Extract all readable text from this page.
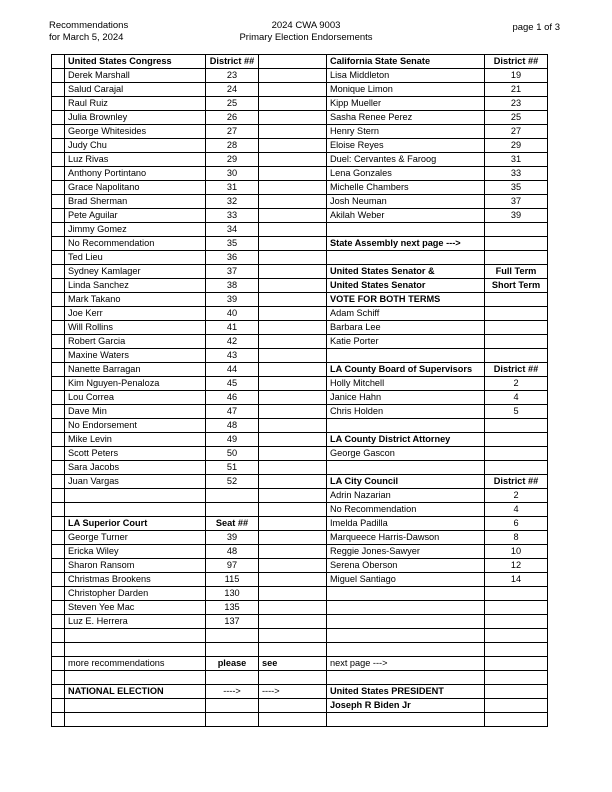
Recommendations
for March 5, 2024
2024 CWA 9003
Primary Election Endorsements
page 1 of 3
	United States Congress	District ##		California State Senate	District ##
	Derek Marshall	23		Lisa Middleton	19
	Salud Carajal	24		Monique Limon	21
	Raul Ruiz	25		Kipp Mueller	23
	Julia Brownley	26		Sasha Renee Perez	25
	George Whitesides	27		Henry Stern	27
	Judy Chu	28		Eloise Reyes	29
	Luz Rivas	29		Duel: Cervantes & Faroog	31
	Anthony Portintano	30		Lena Gonzales	33
	Grace Napolitano	31		Michelle Chambers	35
	Brad Sherman	32		Josh Neuman	37
	Pete Aguilar	33		Akilah Weber	39
	Jimmy Gomez	34			
	No Recommendation	35		State Assembly next page --->	
	Ted Lieu	36			
	Sydney Kamlager	37		United States Senator &	Full Term
	Linda Sanchez	38		United States Senator	Short Term
	Mark Takano	39		VOTE FOR BOTH TERMS	
	Joe Kerr	40		Adam Schiff	
	Will Rollins	41		Barbara Lee	
	Robert Garcia	42		Katie Porter	
	Maxine Waters	43			
	Nanette Barragan	44		LA County Board of Supervisors	District ##
	Kim Nguyen-Penaloza	45		Holly Mitchell	2
	Lou Correa	46		Janice Hahn	4
	Dave Min	47		Chris Holden	5
	No Endorsement	48			
	Mike Levin	49		LA County District Attorney	
	Scott Peters	50		George Gascon	
	Sara Jacobs	51			
	Juan Vargas	52		LA City Council	District ##
				Adrin Nazarian	2
				No Recommendation	4
	LA Superior Court	Seat ##		Imelda Padilla	6
	George Turner	39		Marqueece Harris-Dawson	8
	Ericka Wiley	48		Reggie Jones-Sawyer	10
	Sharon Ransom	97		Serena Oberson	12
	Christmas Brookens	115		Miguel Santiago	14
	Christopher Darden	130			
	Steven Yee Mac	135			
	Luz E. Herrera	137			

	more recommendations	please	see	next page --->	

	NATIONAL ELECTION	---->	---->	United States PRESIDENT	
				Joseph R Biden Jr	
